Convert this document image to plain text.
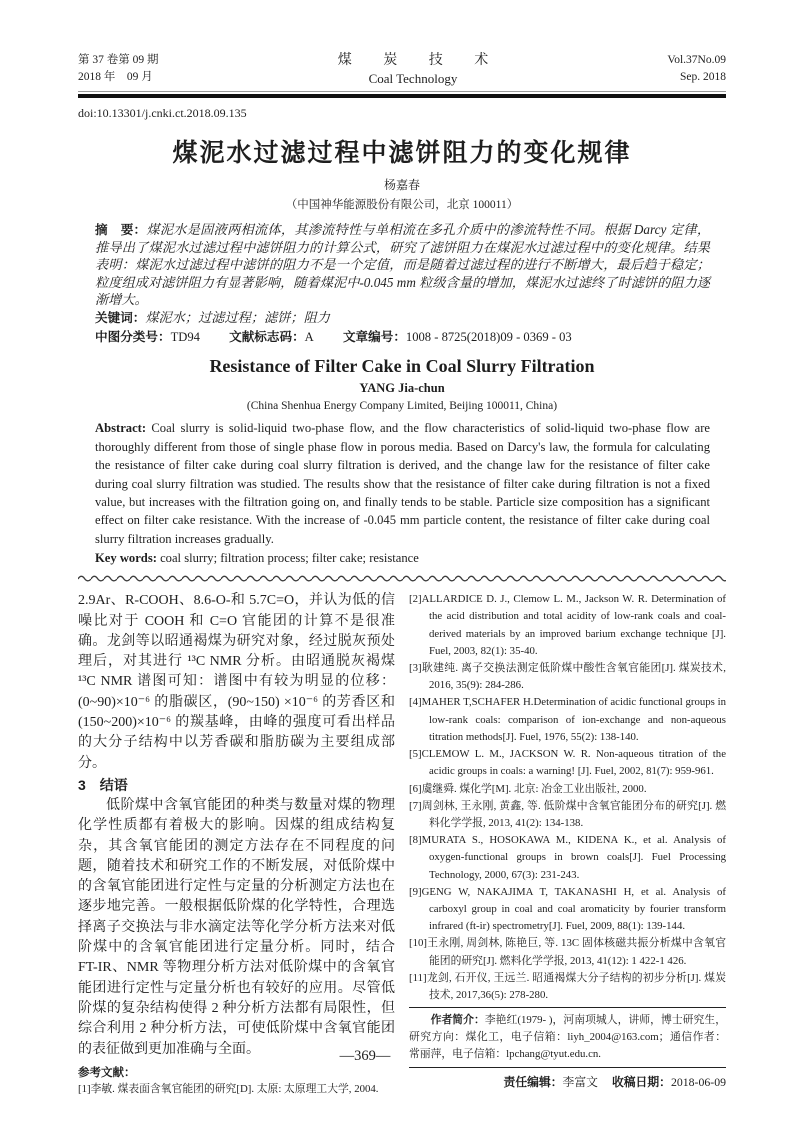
第 37 卷第 09 期
2018 年　09 月
煤 炭 技 术
Coal Technology
Vol.37No.09
Sep. 2018
doi:10.13301/j.cnki.ct.2018.09.135
煤泥水过滤过程中滤饼阻力的变化规律
杨嘉春
（中国神华能源股份有限公司，北京 100011）

摘　要：煤泥水是固液两相流体，其渗流特性与单相流在多孔介质中的渗流特性不同。根据 Darcy 定律，推导出了煤泥水过滤过程中滤饼阻力的计算公式，研究了滤饼阻力在煤泥水过滤过程中的变化规律。结果表明：煤泥水过滤过程中滤饼的阻力不是一个定值，而是随着过滤过程的进行不断增大，最后趋于稳定；粒度组成对滤饼阻力有显著影响，随着煤泥中-0.045 mm 粒级含量的增加，煤泥水过滤终了时滤饼的阻力逐渐增大。

关键词：煤泥水；过滤过程；滤饼；阻力
中图分类号：TD94 文献标志码：A 文章编号：1008 - 8725(2018)09 - 0369 - 03
Resistance of Filter Cake in Coal Slurry Filtration
YANG Jia-chun
(China Shenhua Energy Company Limited, Beijing 100011, China)

Abstract: Coal slurry is solid-liquid two-phase flow, and the flow characteristics of solid-liquid two-phase flow are thoroughly different from those of single phase flow in porous media. Based on Darcy's law, the formula for calculating the resistance of filter cake during coal slurry filtration is derived, and the change law for the resistance of filter cake during coal slurry filtration was studied. The results show that the resistance of filter cake during filtration is not a fixed value, but increases with the filtration going on, and finally tends to be stable. Particle size composition has a significant effect on filter cake resistance. With the increase of -0.045 mm particle content, the resistance of filter cake during coal slurry filtration increases gradually.

Key words: coal slurry; filtration process; filter cake; resistance

2.9Ar、R-COOH、8.6-O-和 5.7C=O，并认为低的信噪比对于 COOH 和 C=O 官能团的计算不是很准确。龙剑等以昭通褐煤为研究对象，经过脱灰预处理后，对其进行 ¹³C NMR 分析。由昭通脱灰褐煤 ¹³C NMR 谱图可知：谱图中有较为明显的位移：(0~90)×10⁻⁶ 的脂碳区，(90~150) ×10⁻⁶ 的芳香区和(150~200)×10⁻⁶ 的羰基峰，由峰的强度可看出样品的大分子结构中以芳香碳和脂肪碳为主要组成部分。

3　结语

低阶煤中含氧官能团的种类与数量对煤的物理化学性质都有着极大的影响。因煤的组成结构复杂，其含氧官能团的测定方法存在不同程度的问题，随着技术和研究工作的不断发展，对低阶煤中的含氧官能团进行定性与定量的分析测定方法也在逐步地完善。一般根据低阶煤的化学特性，合理选择离子交换法与非水滴定法等化学分析方法来对低阶煤中的含氧官能团进行定量分析。同时，结合 FT-IR、NMR 等物理分析方法对低阶煤中的含氧官能团进行定性与定量分析也有较好的应用。尽管低阶煤的复杂结构使得 2 种分析方法都有局限性，但综合利用 2 种分析方法，可使低阶煤中含氧官能团的表征做到更加准确与全面。

参考文献：
[1]李敏. 煤表面含氧官能团的研究[D]. 太原: 太原理工大学, 2004.
[2]ALLARDICE D. J., Clemow L. M., Jackson W. R. Determination of the acid distribution and total acidity of low-rank coals and coal-derived materials by an improved barium exchange technique [J]. Fuel, 2003, 82(1): 35-40.
[3]耿建纯. 离子交换法测定低阶煤中酸性含氧官能团[J]. 煤炭技术, 2016, 35(9): 284-286.
[4]MAHER T,SCHAFER H.Determination of acidic functional groups in low-rank coals: comparison of ion-exchange and non-aqueous titration methods[J]. Fuel, 1976, 55(2): 138-140.
[5]CLEMOW L. M., JACKSON W. R. Non-aqueous titration of the acidic groups in coals: a warning! [J]. Fuel, 2002, 81(7): 959-961.
[6]虞继舜. 煤化学[M]. 北京: 冶金工业出版社, 2000.
[7]周剑林, 王永刚, 黄鑫, 等. 低阶煤中含氧官能团分布的研究[J]. 燃料化学学报, 2013, 41(2): 134-138.
[8]MURATA S., HOSOKAWA M., KIDENA K., et al. Analysis of oxygen-functional groups in brown coals[J]. Fuel Processing Technology, 2000, 67(3): 231-243.
[9]GENG W, NAKAJIMA T, TAKANASHI H, et al. Analysis of carboxyl group in coal and coal aromaticity by fourier transform infrared (ft-ir) spectrometry[J]. Fuel, 2009, 88(1): 139-144.
[10]王永刚, 周剑林, 陈艳巨, 等. 13C 固体核磁共振分析煤中含氧官能团的研究[J]. 燃料化学学报, 2013, 41(12): 1 422-1 426.
[11]龙剑, 石开仪, 王远兰. 昭通褐煤大分子结构的初步分析[J]. 煤炭技术, 2017,36(5): 278-280.

作者简介：李艳红(1979- )，河南项城人，讲师，博士研究生，研究方向：煤化工，电子信箱：liyh_2004@163.com；通信作者：常丽萍，电子信箱：lpchang@tyut.edu.cn.

责任编辑：李富文 收稿日期：2018-06-09
—369—
